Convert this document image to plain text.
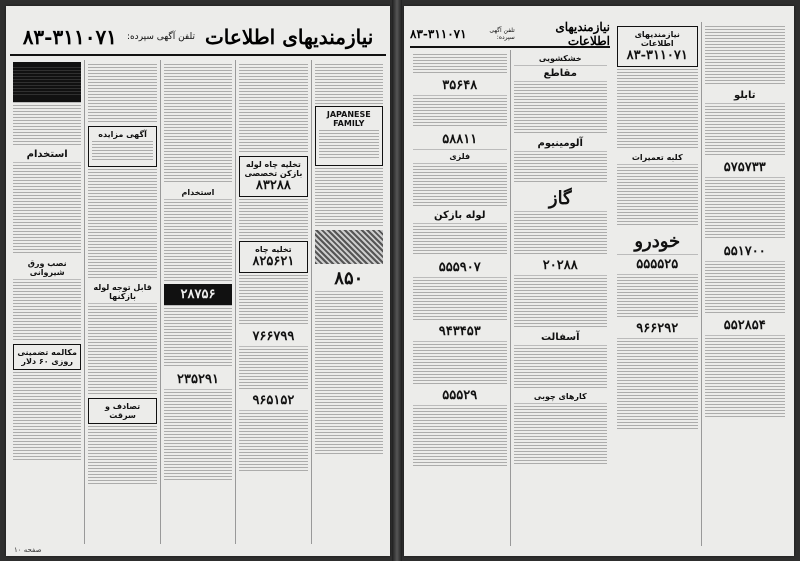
نیازمندیهای اطلاعات
تلفن آگهی سپرده:
۸۳-۳۱۱۰۷۱
JAPANESE FAMILY
۸۵۰
تخلیه چاه لوله بازکن تخصصی
۸۳۲۸۸
تخلیه چاه
۸۲۵۶۲۱
۷۶۶۷۹۹
۹۶۵۱۵۲
استخدام
۲۸۷۵۶
۲۳۵۲۹۱
آگهی مزایده
قابل توجه لوله بازکنها
تصادف و سرقت
استخدام
نصب ورق شیروانی
مکالمه تضمینی روزی ۶۰ دلار
صفحه ۱۰
نیازمندیهای اطلاعات
تلفن آگهی سپرده:
۸۳-۳۱۱۰۷۱
خشکشویی
مقاطع
آلومینیوم
گاز
۲۰۲۸۸
آسفالت
کارهای چوبی
۳۵۶۴۸
۵۸۸۱۱
فلزی
لوله بازکن
۵۵۵۹۰۷
۹۴۳۴۵۳
۵۵۵۲۹
تابلو
۵۷۵۷۳۳
۵۵۱۷۰۰
۵۵۲۸۵۴
نیازمندیهای اطلاعات
۸۳-۳۱۱۰۷۱
کلبه تعمیرات
خودرو
۵۵۵۵۲۵
۹۶۶۲۹۲
